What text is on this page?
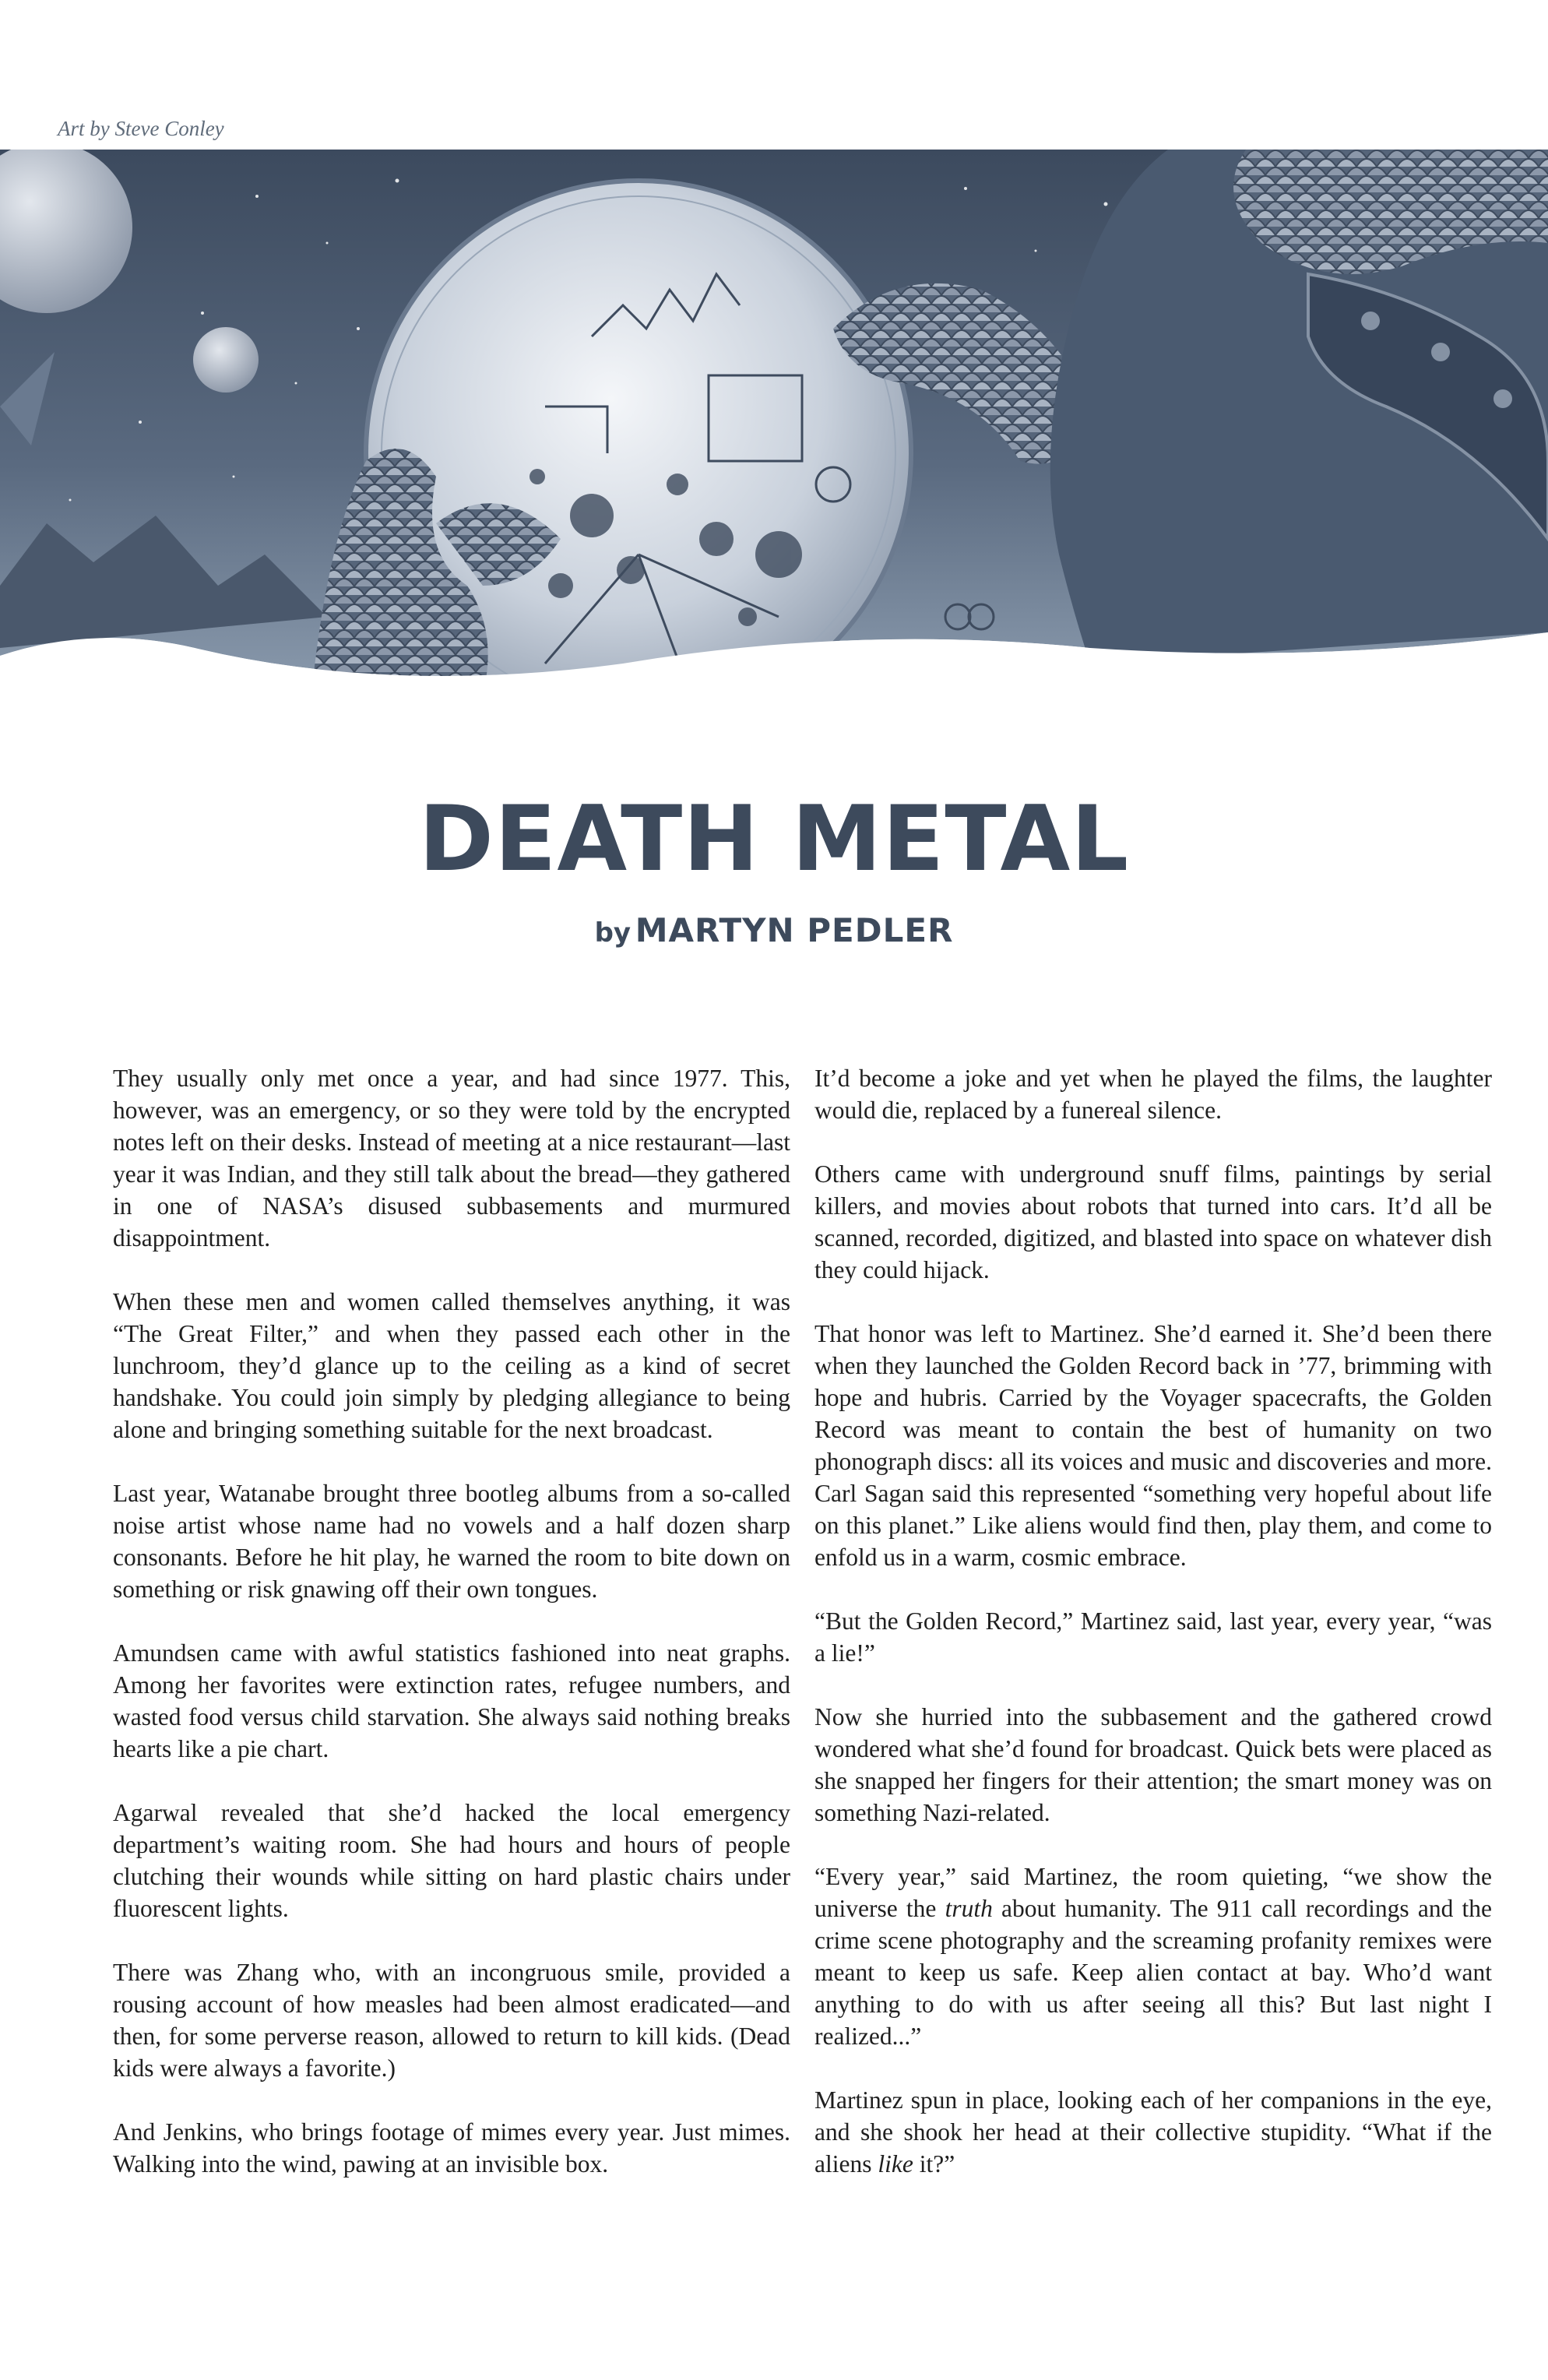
Art by Steve Conley
DEATH METAL
by MARTYN PEDLER

They usually only met once a year, and had since 1977. This, however, was an emergency, or so they were told by the encrypted notes left on their desks. Instead of meeting at a nice restaurant—last year it was Indian, and they still talk about the bread—they gathered in one of NASA’s disused subbasements and murmured disappointment.

When these men and women called themselves anything, it was “The Great Filter,” and when they passed each other in the lunchroom, they’d glance up to the ceiling as a kind of secret handshake. You could join simply by pledging allegiance to being alone and bringing something suitable for the next broadcast.

Last year, Watanabe brought three bootleg albums from a so-called noise artist whose name had no vowels and a half dozen sharp consonants. Before he hit play, he warned the room to bite down on something or risk gnawing off their own tongues.

Amundsen came with awful statistics fashioned into neat graphs. Among her favorites were extinction rates, refugee numbers, and wasted food versus child starvation. She always said nothing breaks hearts like a pie chart.

Agarwal revealed that she’d hacked the local emergency department’s waiting room. She had hours and hours of people clutching their wounds while sitting on hard plastic chairs under fluorescent lights.

There was Zhang who, with an incongruous smile, provided a rousing account of how measles had been almost eradicated—and then, for some perverse reason, allowed to return to kill kids. (Dead kids were always a favorite.)

And Jenkins, who brings footage of mimes every year. Just mimes. Walking into the wind, pawing at an invisible box.

It’d become a joke and yet when he played the films, the laughter would die, replaced by a funereal silence.

Others came with underground snuff films, paintings by serial killers, and movies about robots that turned into cars. It’d all be scanned, recorded, digitized, and blasted into space on whatever dish they could hijack.

That honor was left to Martinez. She’d earned it. She’d been there when they launched the Golden Record back in ’77, brimming with hope and hubris. Carried by the Voyager spacecrafts, the Golden Record was meant to contain the best of humanity on two phonograph discs: all its voices and music and discoveries and more. Carl Sagan said this represented “something very hopeful about life on this planet.” Like aliens would find then, play them, and come to enfold us in a warm, cosmic embrace.

“But the Golden Record,” Martinez said, last year, every year, “was a lie!”

Now she hurried into the subbasement and the gathered crowd wondered what she’d found for broadcast. Quick bets were placed as she snapped her fingers for their attention; the smart money was on something Nazi-related.

“Every year,” said Martinez, the room quieting, “we show the universe the truth about humanity. The 911 call recordings and the crime scene photography and the screaming profanity remixes were meant to keep us safe. Keep alien contact at bay. Who’d want anything to do with us after seeing all this? But last night I realized...”

Martinez spun in place, looking each of her companions in the eye, and she shook her head at their collective stupidity. “What if the aliens like it?”
